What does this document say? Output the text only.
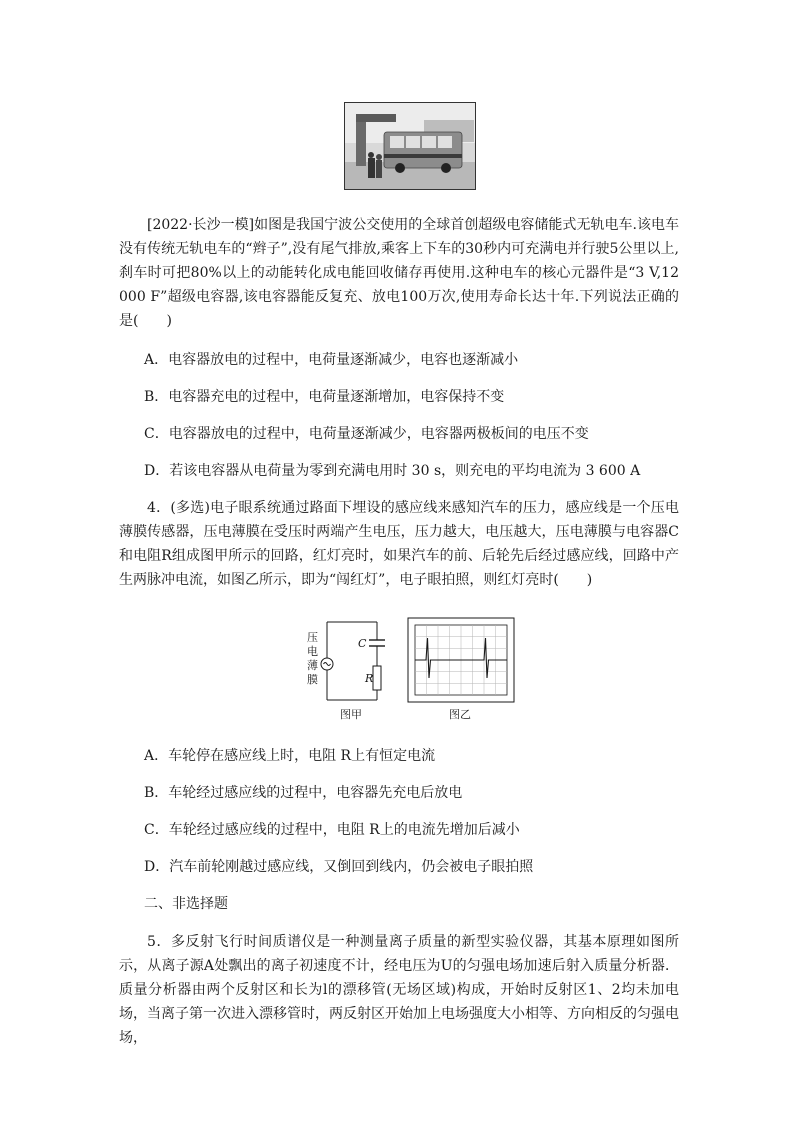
[2022·长沙一模]如图是我国宁波公交使用的全球首创超级电容储能式无轨电车.该电车没有传统无轨电车的“辫子”,没有尾气排放,乘客上下车的30秒内可充满电并行驶5公里以上,刹车时可把80%以上的动能转化成电能回收储存再使用.这种电车的核心元器件是“3 V,12 000 F”超级电容器,该电容器能反复充、放电100万次,使用寿命长达十年.下列说法正确的是(　　)

A．电容器放电的过程中，电荷量逐渐减少，电容也逐渐减小

B．电容器充电的过程中，电荷量逐渐增加，电容保持不变

C．电容器放电的过程中，电荷量逐渐减少，电容器两极板间的电压不变

D．若该电容器从电荷量为零到充满电用时 30 s，则充电的平均电流为 3 600 A

4．(多选)电子眼系统通过路面下埋设的感应线来感知汽车的压力，感应线是一个压电薄膜传感器，压电薄膜在受压时两端产生电压，压力越大，电压越大，压电薄膜与电容器C和电阻R组成图甲所示的回路，红灯亮时，如果汽车的前、后轮先后经过感应线，回路中产生两脉冲电流，如图乙所示，即为“闯红灯”，电子眼拍照，则红灯亮时(　　)

压
电
薄
膜
C
R
图甲	图乙

A．车轮停在感应线上时，电阻 R上有恒定电流

B．车轮经过感应线的过程中，电容器先充电后放电

C．车轮经过感应线的过程中，电阻 R上的电流先增加后减小

D．汽车前轮刚越过感应线，又倒回到线内，仍会被电子眼拍照

二、非选择题

5．多反射飞行时间质谱仪是一种测量离子质量的新型实验仪器，其基本原理如图所示，从离子源A处飘出的离子初速度不计，经电压为U的匀强电场加速后射入质量分析器．质量分析器由两个反射区和长为l的漂移管(无场区域)构成，开始时反射区1、2均未加电场，当离子第一次进入漂移管时，两反射区开始加上电场强度大小相等、方向相反的匀强电场，
